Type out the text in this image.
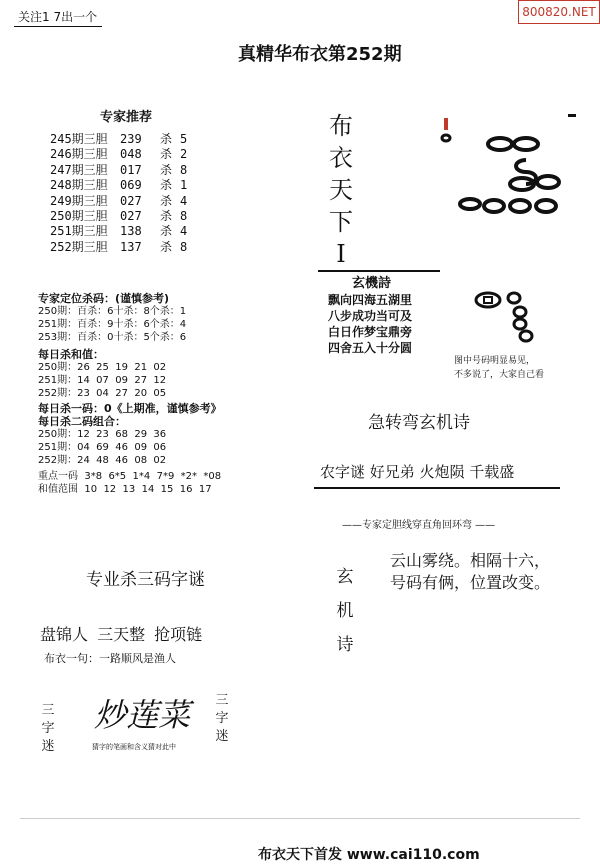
800820.NET
关注1 7出一个
真精华布衣第252期
专家推荐
245期三胆	239	杀 5
246期三胆	048	杀 2
247期三胆	017	杀 8
248期三胆	069	杀 1
249期三胆	027	杀 4
250期三胆	027	杀 8
251期三胆	138	杀 4
252期三胆	137	杀 8
专家定位杀码：(谨慎参考)
250期：百杀：6十杀：8个杀：1
251期：百杀：9十杀：6个杀：4
253期：百杀：0十杀：5个杀：6
每日杀和值：
250期：26  25  19  21  02
251期：14  07  09  27  12
252期：23  04  27  20  05
每日杀一码：0《上期准，谨慎参考》
每日杀二码组合：
250期：12  23  68  29  36
251期：04  69  46  09  06
252期：24  48  46  08  02
重点一码  3*8  6*5  1*4  7*9  *2*  *08
和值范围  10  12  13  14  15  16  17
布
衣
天
下
I
玄機詩
飘向四海五湖里
八步成功当可及
白日作梦宝鼎旁
四舍五入十分圆
图中号码明显易见，
不多说了，大家自己看
急转弯玄机诗
农字谜 好兄弟 火炮陨 千载盛
——专家定胆线穿直角回环弯 ——
玄
机
诗
云山雾绕。相隔十六，
号码有俩，位置改变。
专业杀三码字谜
盘锦人 三天整 抢项链
布衣一句：一路顺风是渔人
三
字
迷
炒莲菜
猜字的笔画和含义猜对此中
三
字
迷
布衣天下首发 www.cai110.com
